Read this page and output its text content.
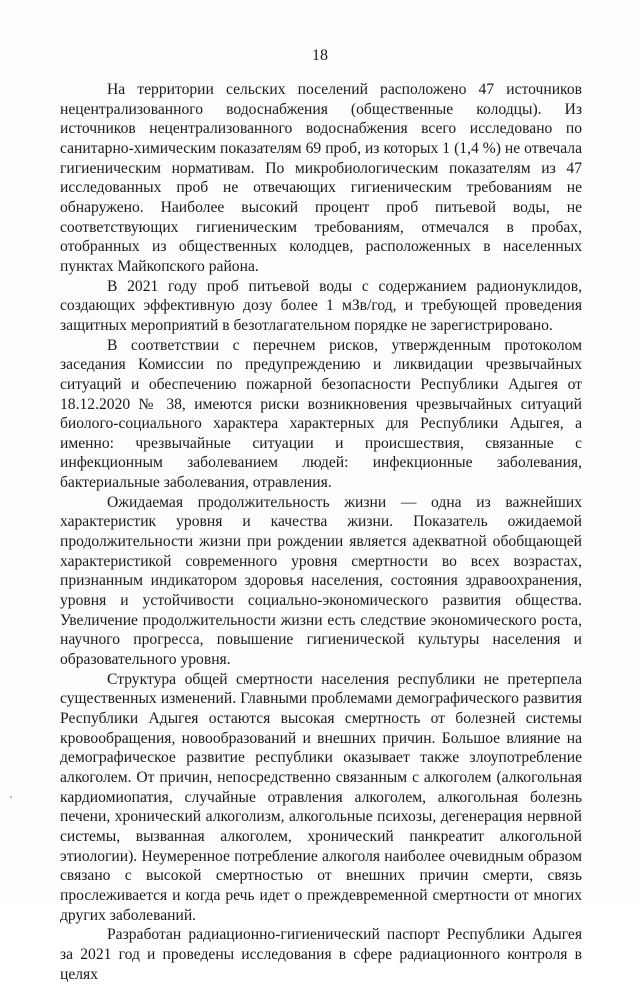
18

На территории сельских поселений расположено 47 источников нецентрализованного водоснабжения (общественные колодцы). Из источников нецентрализованного водоснабжения всего исследовано по санитарно-химическим показателям 69 проб, из которых 1 (1,4 %) не отвечала гигиеническим нормативам. По микробиологическим показателям из 47 исследованных проб не отвечающих гигиеническим требованиям не обнаружено. Наиболее высокий процент проб питьевой воды, не соответствующих гигиеническим требованиям, отмечался в пробах, отобранных из общественных колодцев, расположенных в населенных пунктах Майкопского района.

В 2021 году проб питьевой воды с содержанием радионуклидов, создающих эффективную дозу более 1 мЗв/год, и требующей проведения защитных мероприятий в безотлагательном порядке не зарегистрировано.

В соответствии с перечнем рисков, утвержденным протоколом заседания Комиссии по предупреждению и ликвидации чрезвычайных ситуаций и обеспечению пожарной безопасности Республики Адыгея от 18.12.2020 № 38, имеются риски возникновения чрезвычайных ситуаций биолого-социального характера характерных для Республики Адыгея, а именно: чрезвычайные ситуации и происшествия, связанные с инфекционным заболеванием людей: инфекционные заболевания, бактериальные заболевания, отравления.

Ожидаемая продолжительность жизни — одна из важнейших характеристик уровня и качества жизни. Показатель ожидаемой продолжительности жизни при рождении является адекватной обобщающей характеристикой современного уровня смертности во всех возрастах, признанным индикатором здоровья населения, состояния здравоохранения, уровня и устойчивости социально-экономического развития общества. Увеличение продолжительности жизни есть следствие экономического роста, научного прогресса, повышение гигиенической культуры населения и образовательного уровня.

Структура общей смертности населения республики не претерпела существенных изменений. Главными проблемами демографического развития Республики Адыгея остаются высокая смертность от болезней системы кровообращения, новообразований и внешних причин. Большое влияние на демографическое развитие республики оказывает также злоупотребление алкоголем. От причин, непосредственно связанным с алкоголем (алкогольная кардиомиопатия, случайные отравления алкоголем, алкогольная болезнь печени, хронический алкоголизм, алкогольные психозы, дегенерация нервной системы, вызванная алкоголем, хронический панкреатит алкогольной этиологии). Неумеренное потребление алкоголя наиболее очевидным образом связано с высокой смертностью от внешних причин смерти, связь прослеживается и когда речь идет о преждевременной смертности от многих других заболеваний.

Разработан радиационно-гигиенический паспорт Республики Адыгея за 2021 год и проведены исследования в сфере радиационного контроля в целях

'
